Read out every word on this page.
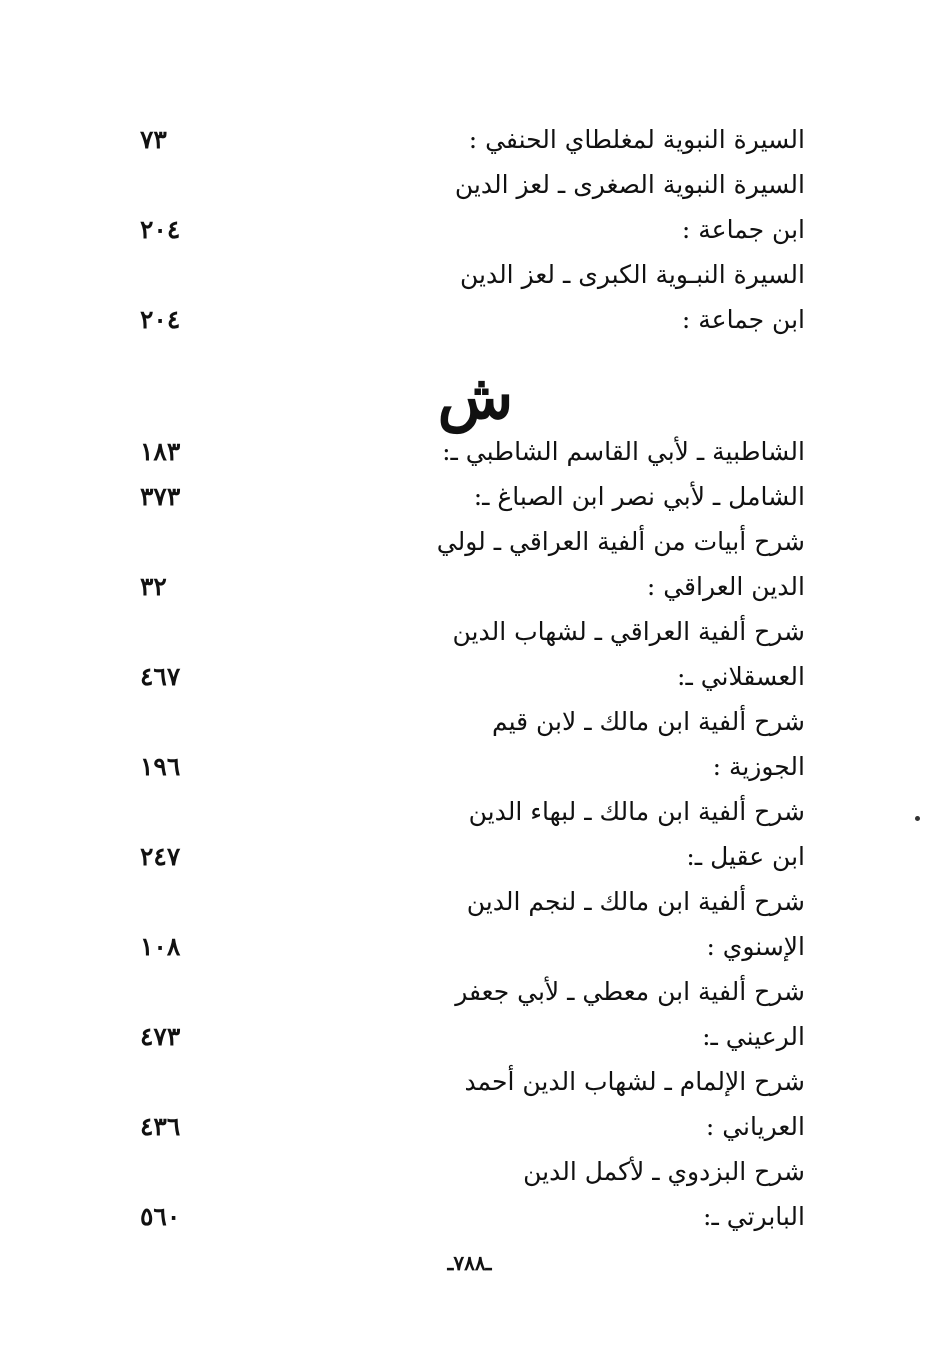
السيرة النبوية لمغلطاي الحنفي :
٧٣
السيرة النبوية الصغرى ـ لعز الدين
ابن جماعة :
٢٠٤
السيرة النبـوية الكبرى ـ لعز الدين
ابن جماعة :
٢٠٤
ش
الشاطبية ـ لأبي القاسم الشاطبي ـ:
١٨٣
الشامل ـ لأبي نصر ابن الصباغ ـ:
٣٧٣
شرح أبيات من ألفية العراقي ـ لولي
الدين العراقي :
٣٢
شرح ألفية العراقي ـ لشهاب الدين
العسقلاني ـ:
٤٦٧
شرح ألفية ابن مالك ـ لابن قيم
الجوزية :
١٩٦
شرح ألفية ابن مالك ـ لبهاء الدين
ابن عقيل ـ:
٢٤٧
شرح ألفية ابن مالك ـ لنجم الدين
الإسنوي :
١٠٨
شرح ألفية ابن معطي ـ لأبي جعفر
الرعيني ـ:
٤٧٣
شرح الإلمام ـ لشهاب الدين أحمد
العرياني :
٤٣٦
شرح البزدوي ـ لأكمل الدين
البابرتي ـ:
٥٦٠
ـ٧٨٨ـ
